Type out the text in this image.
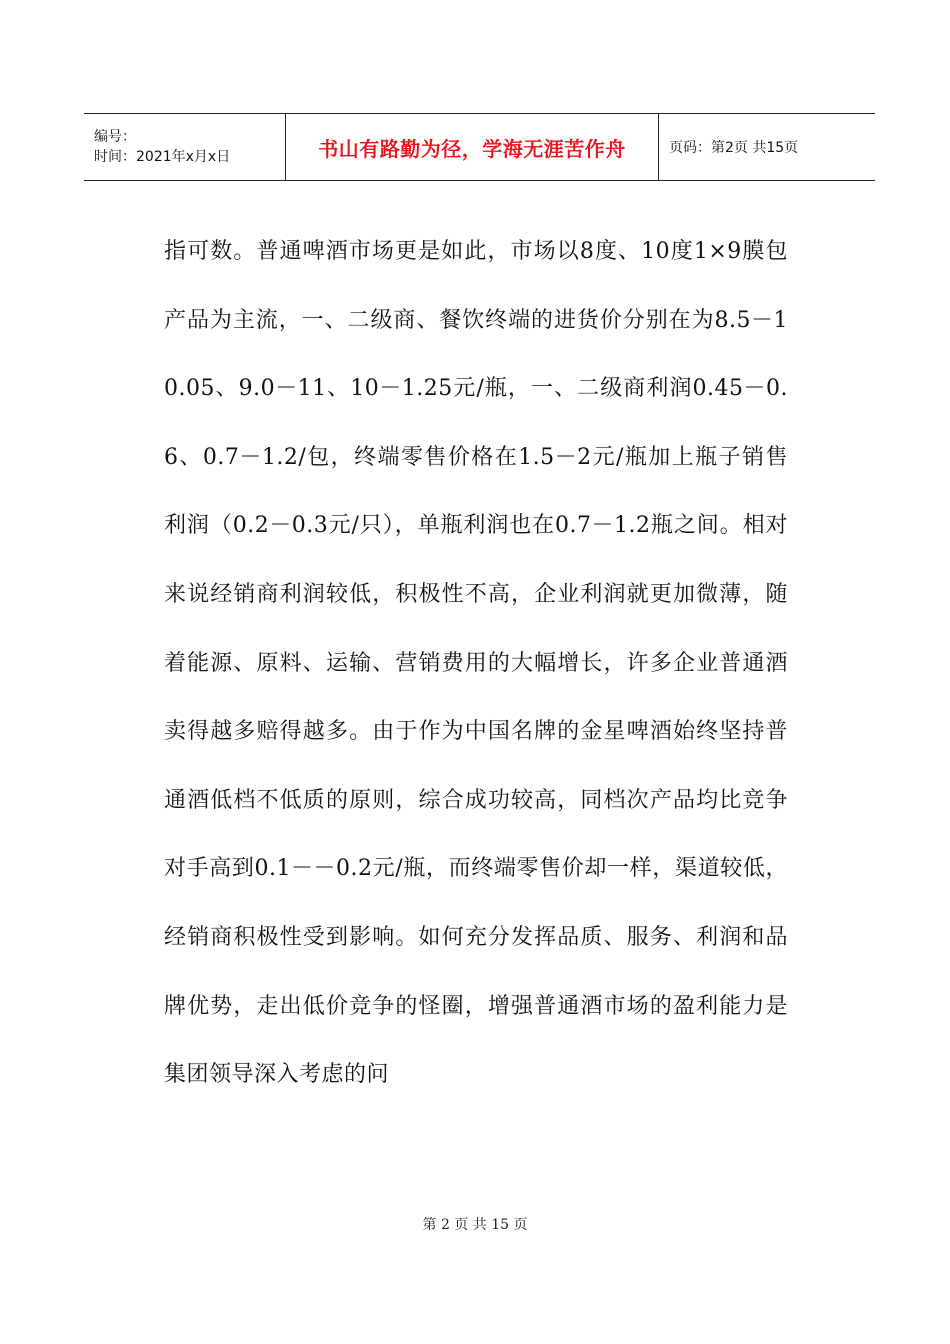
编号：
时间：2021年x月x日	书山有路勤为径，学海无涯苦作舟	页码：第2页 共15页

指可数。普通啤酒市场更是如此，市场以8度、10度1×9膜包产品为主流，一、二级商、餐饮终端的进货价分别在为8.5－10.05、9.0－11、10－1.25元/瓶，一、二级商利润0.45－0.6、0.7－1.2/包，终端零售价格在1.5－2元/瓶加上瓶子销售利润（0.2－0.3元/只），单瓶利润也在0.7－1.2瓶之间。相对来说经销商利润较低，积极性不高，企业利润就更加微薄，随着能源、原料、运输、营销费用的大幅增长，许多企业普通酒卖得越多赔得越多。由于作为中国名牌的金星啤酒始终坚持普通酒低档不低质的原则，综合成功较高，同档次产品均比竞争对手高到0.1－－0.2元/瓶，而终端零售价却一样，渠道较低，经销商积极性受到影响。如何充分发挥品质、服务、利润和品牌优势，走出低价竞争的怪圈，增强普通酒市场的盈利能力是集团领导深入考虑的问

第 2 页 共 15 页
